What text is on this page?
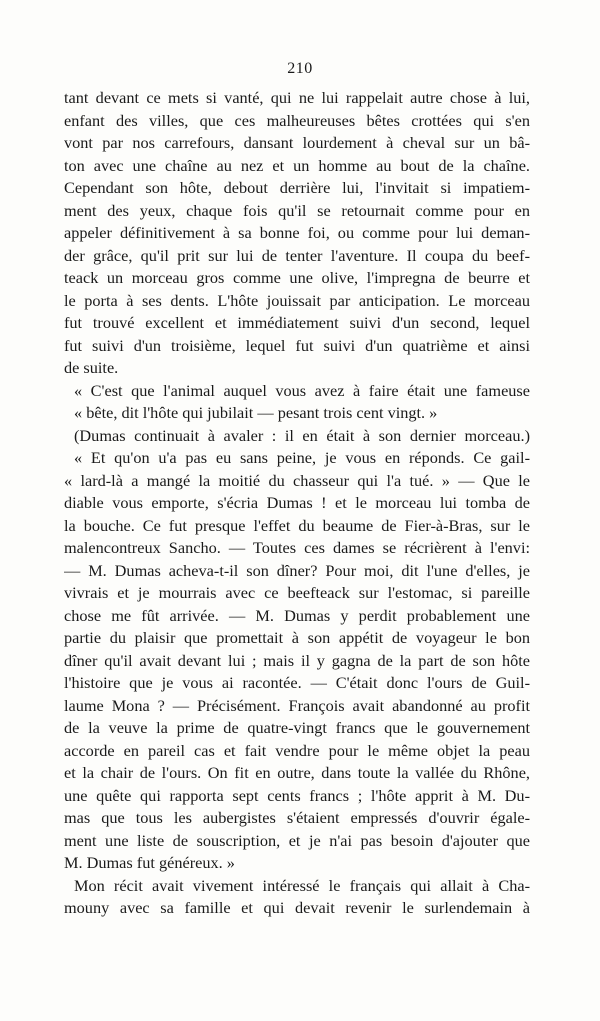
210
tant devant ce mets si vanté, qui ne lui rappelait autre chose à lui,
enfant des villes, que ces malheureuses bêtes crottées qui s'en
vont par nos carrefours, dansant lourdement à cheval sur un bâ-
ton avec une chaîne au nez et un homme au bout de la chaîne.
Cependant son hôte, debout derrière lui, l'invitait si impatiem-
ment des yeux, chaque fois qu'il se retournait comme pour en
appeler définitivement à sa bonne foi, ou comme pour lui deman-
der grâce, qu'il prit sur lui de tenter l'aventure. Il coupa du beef-
teack un morceau gros comme une olive, l'impregna de beurre et
le porta à ses dents. L'hôte jouissait par anticipation. Le morceau
fut trouvé excellent et immédiatement suivi d'un second, lequel
fut suivi d'un troisième, lequel fut suivi d'un quatrième et ainsi
de suite.
« C'est que l'animal auquel vous avez à faire était une fameuse
« bête, dit l'hôte qui jubilait — pesant trois cent vingt. »
(Dumas continuait à avaler : il en était à son dernier morceau.)
« Et qu'on u'a pas eu sans peine, je vous en réponds. Ce gail-
« lard-là a mangé la moitié du chasseur qui l'a tué. » — Que le
diable vous emporte, s'écria Dumas ! et le morceau lui tomba de
la bouche. Ce fut presque l'effet du beaume de Fier-à-Bras, sur le
malencontreux Sancho. — Toutes ces dames se récrièrent à l'envi:
— M. Dumas acheva-t-il son dîner? Pour moi, dit l'une d'elles, je
vivrais et je mourrais avec ce beefteack sur l'estomac, si pareille
chose me fût arrivée. — M. Dumas y perdit probablement une
partie du plaisir que promettait à son appétit de voyageur le bon
dîner qu'il avait devant lui ; mais il y gagna de la part de son hôte
l'histoire que je vous ai racontée. — C'était donc l'ours de Guil-
laume Mona ? — Précisément. François avait abandonné au profit
de la veuve la prime de quatre-vingt francs que le gouvernement
accorde en pareil cas et fait vendre pour le même objet la peau
et la chair de l'ours. On fit en outre, dans toute la vallée du Rhône,
une quête qui rapporta sept cents francs ; l'hôte apprit à M. Du-
mas que tous les aubergistes s'étaient empressés d'ouvrir égale-
ment une liste de souscription, et je n'ai pas besoin d'ajouter que
M. Dumas fut généreux. »
Mon récit avait vivement intéressé le français qui allait à Cha-
mouny avec sa famille et qui devait revenir le surlendemain à
